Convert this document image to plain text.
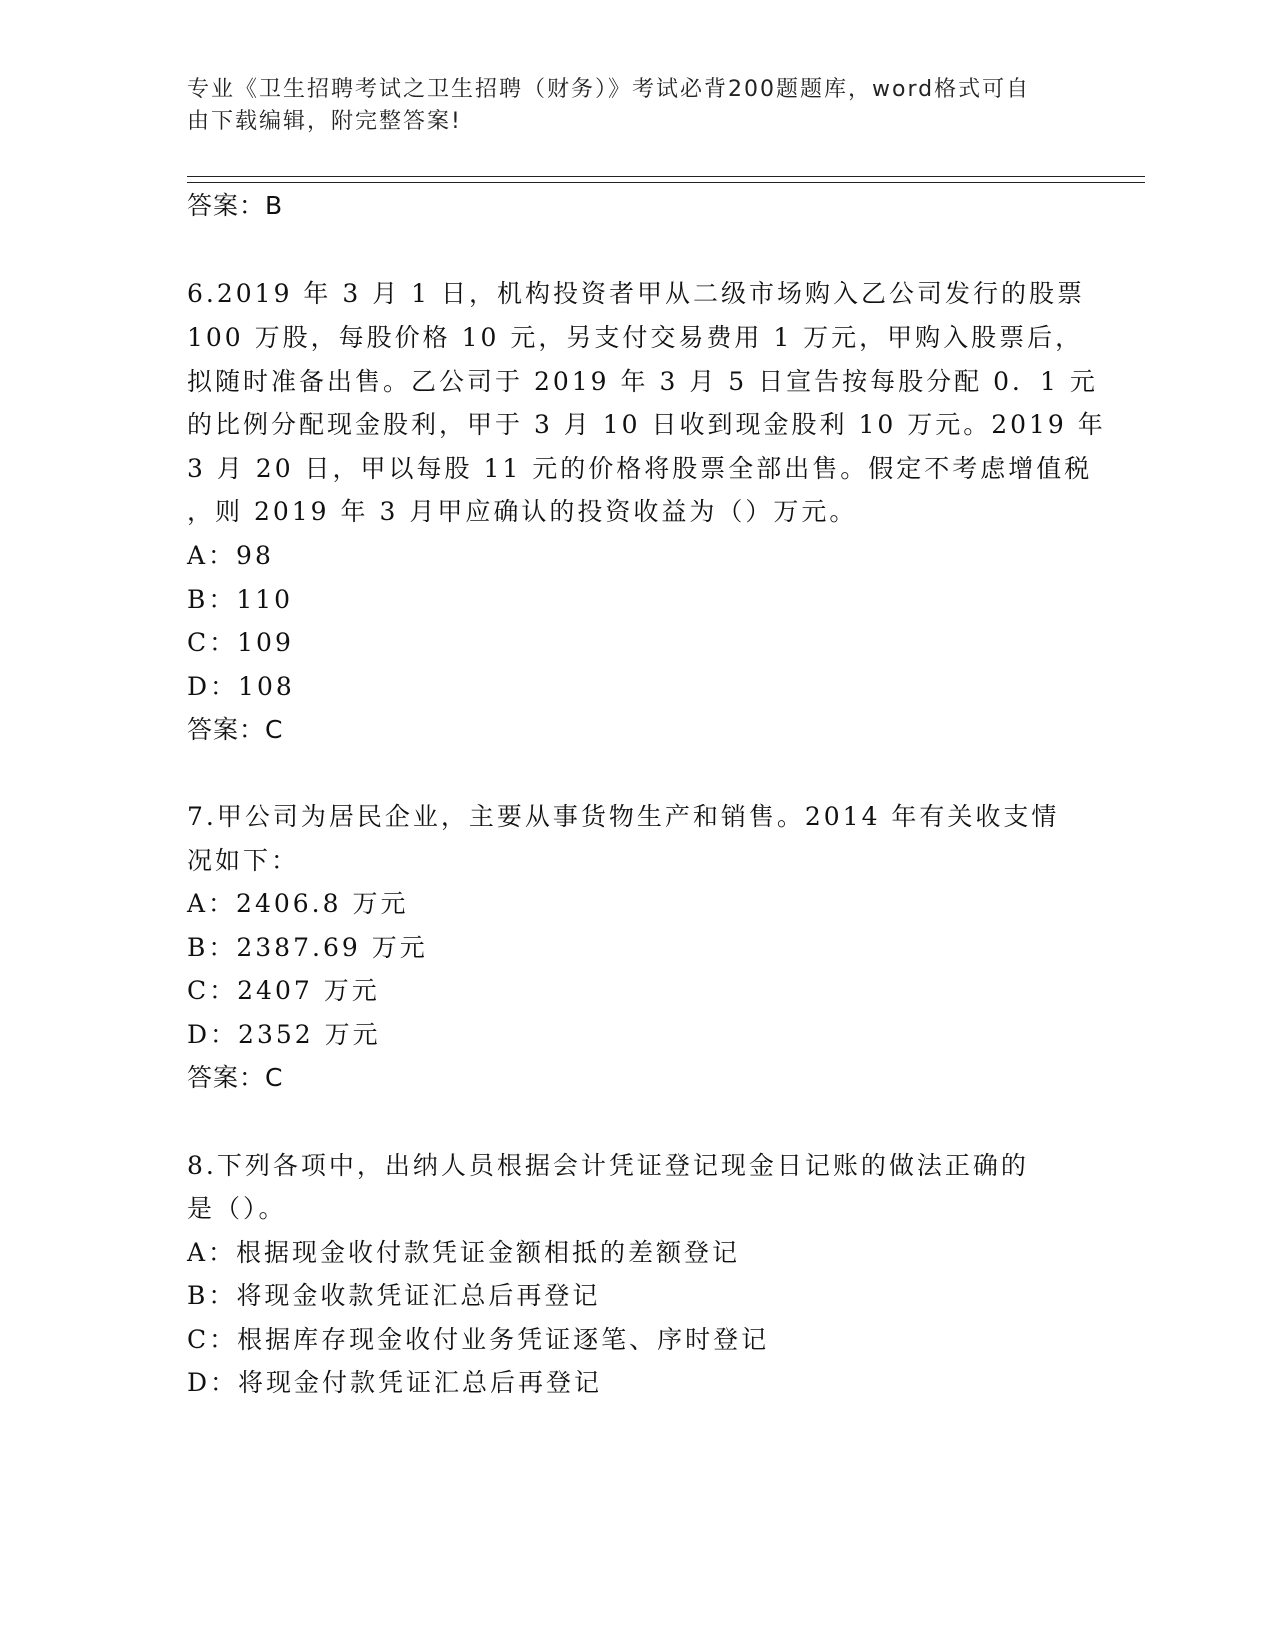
专业《卫生招聘考试之卫生招聘（财务）》考试必背200题题库，word格式可自
由下载编辑，附完整答案!
答案：B
6.2019 年 3 月 1 日，机构投资者甲从二级市场购入乙公司发行的股票
100 万股，每股价格 10 元，另支付交易费用 1 万元，甲购入股票后，
拟随时准备出售。乙公司于 2019 年 3 月 5 日宣告按每股分配 0．1 元
的比例分配现金股利，甲于 3 月 10 日收到现金股利 10 万元。2019 年
3 月 20 日，甲以每股 11 元的价格将股票全部出售。假定不考虑增值税
，则 2019 年 3 月甲应确认的投资收益为（）万元。
A：98
B：110
C：109
D：108
答案：C
7.甲公司为居民企业，主要从事货物生产和销售。2014 年有关收支情
况如下：
A：2406.8 万元
B：2387.69 万元
C：2407 万元
D：2352 万元
答案：C
8.下列各项中，出纳人员根据会计凭证登记现金日记账的做法正确的
是（）。
A：根据现金收付款凭证金额相抵的差额登记
B：将现金收款凭证汇总后再登记
C：根据库存现金收付业务凭证逐笔、序时登记
D：将现金付款凭证汇总后再登记
